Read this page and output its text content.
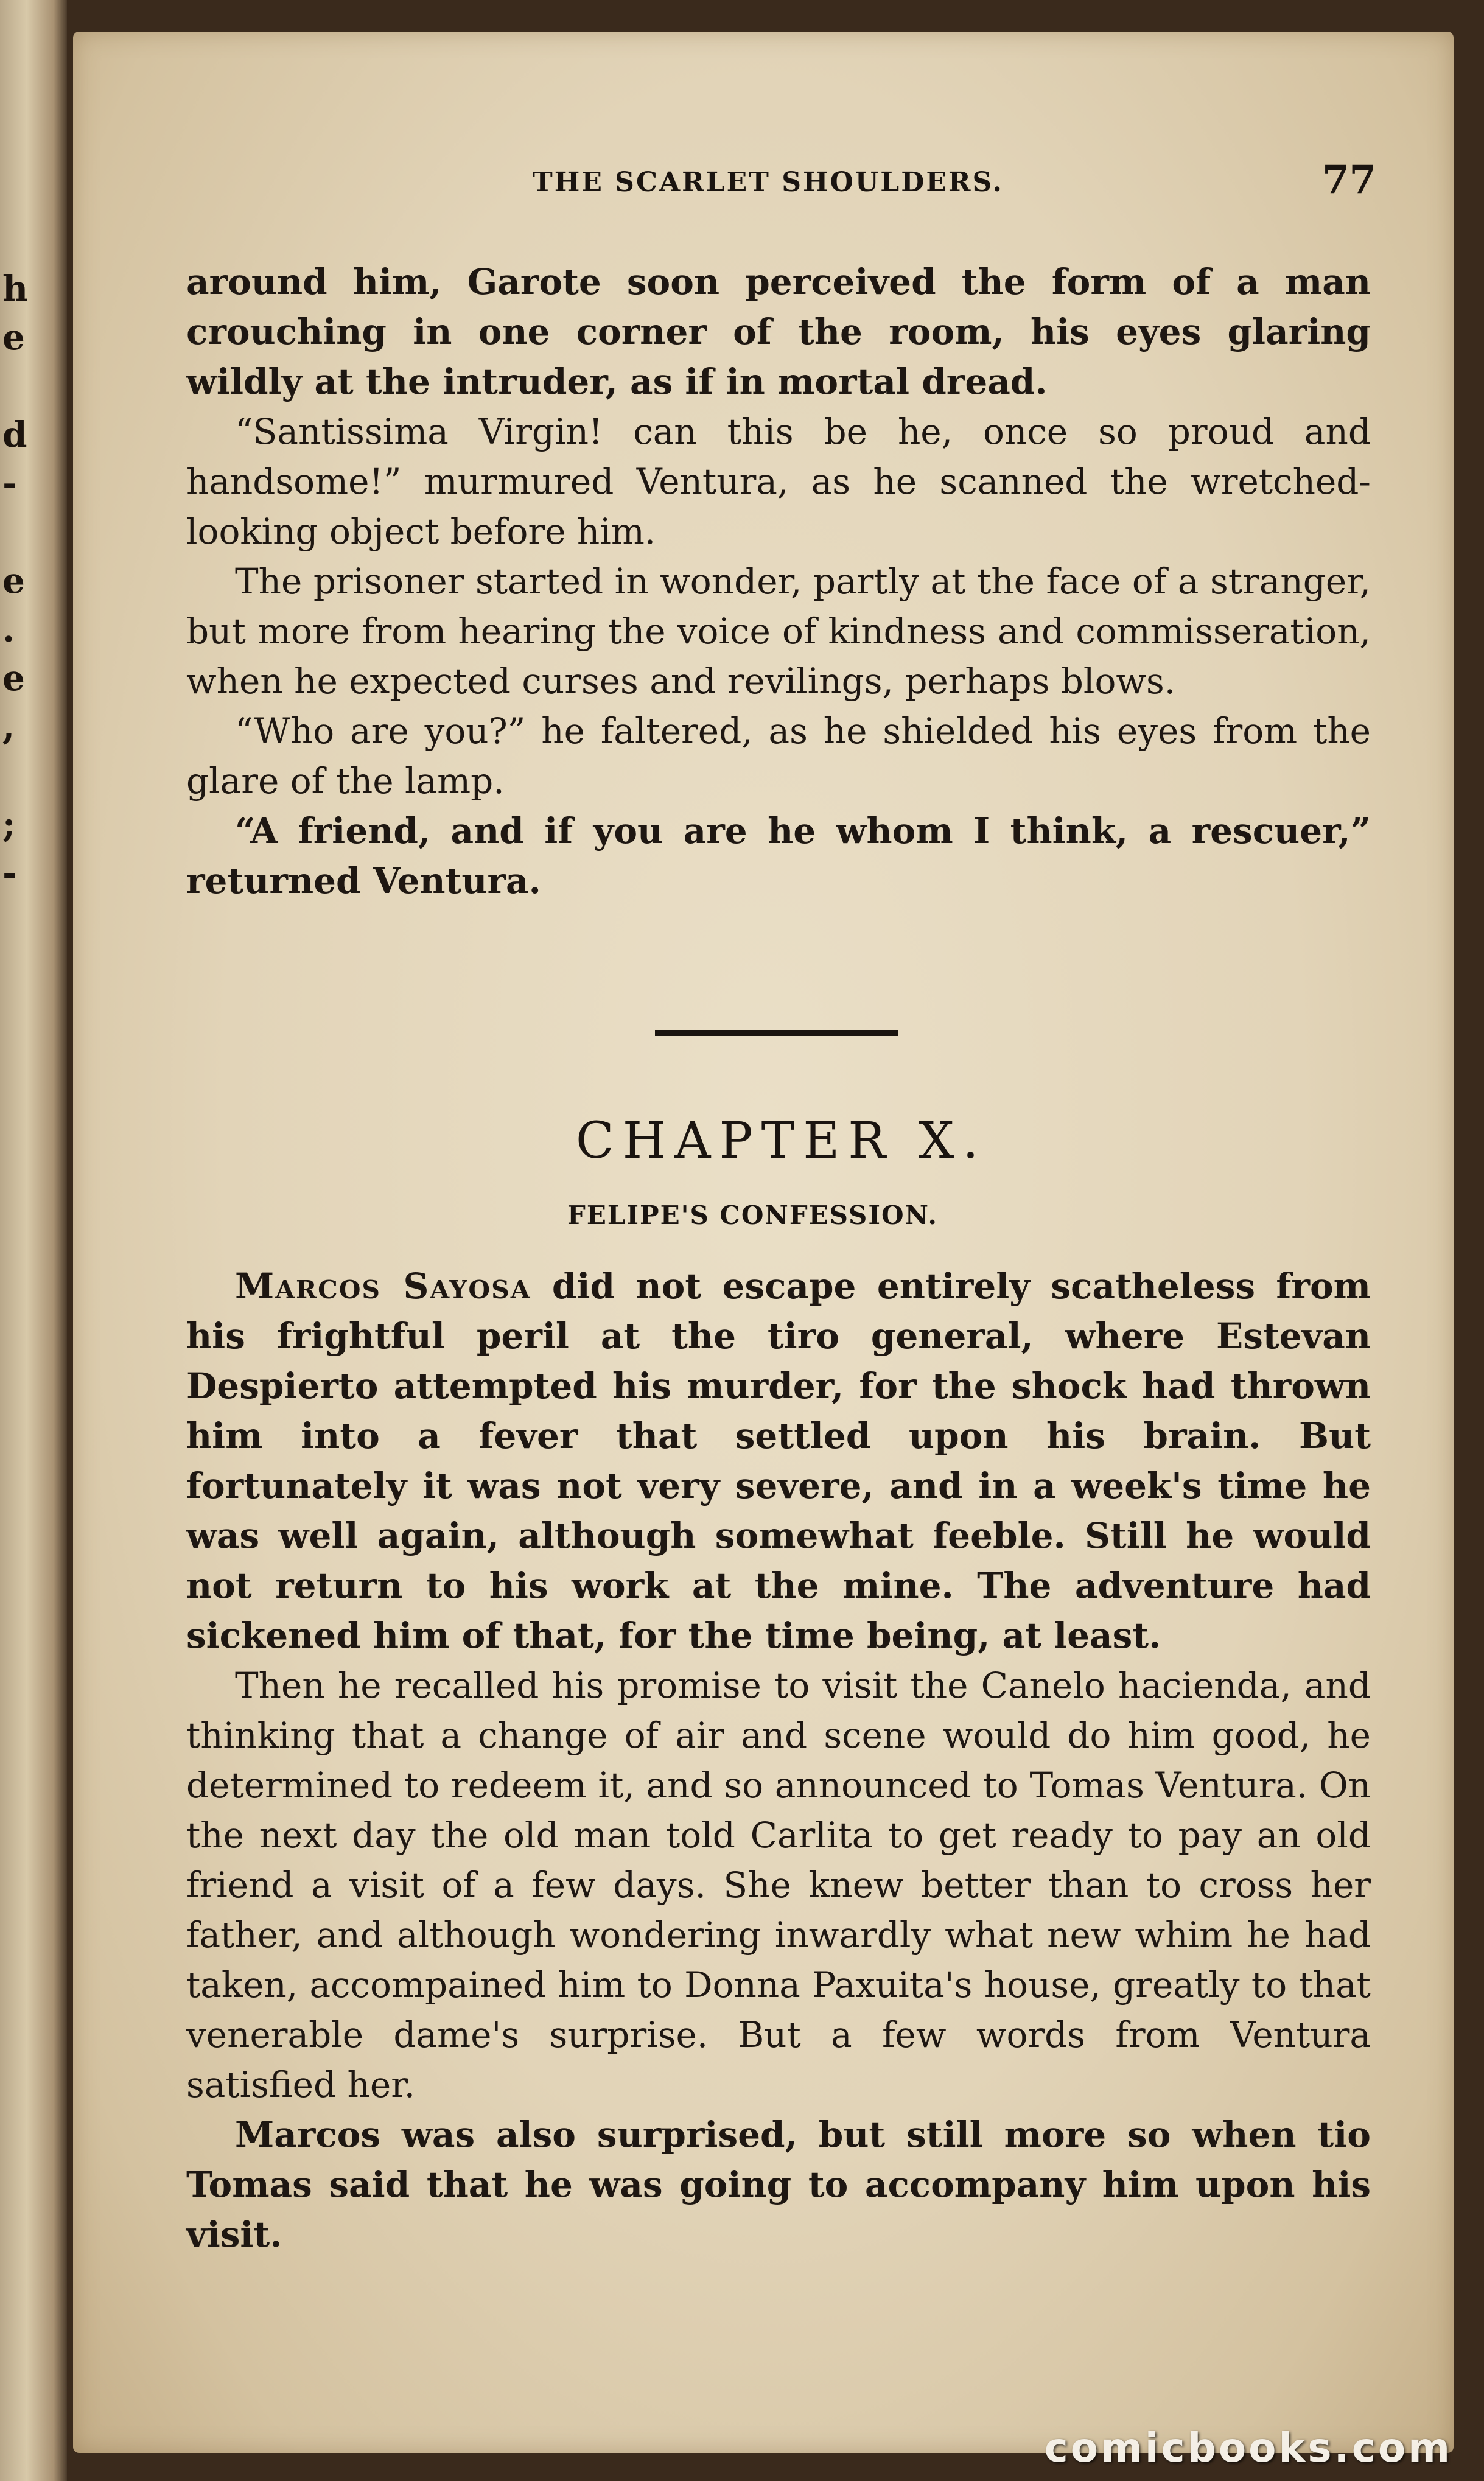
h
e
d
-
e
.
e
,
;
-
THE SCARLET SHOULDERS.	77

around him, Garote soon perceived the form of a man crouching in one corner of the room, his eyes glaring wildly at the intruder, as if in mortal dread.

“Santissima Virgin! can this be he, once so proud and handsome!” murmured Ventura, as he scanned the wretched-looking object before him.

The prisoner started in wonder, partly at the face of a stranger, but more from hearing the voice of kindness and commisseration, when he expected curses and revilings, perhaps blows.

“Who are you?” he faltered, as he shielded his eyes from the glare of the lamp.

“A friend, and if you are he whom I think, a rescuer,” returned Ventura.

CHAPTER X.
FELIPE'S CONFESSION.

Marcos Sayosa did not escape entirely scatheless from his frightful peril at the tiro general, where Estevan Despierto attempted his murder, for the shock had thrown him into a fever that settled upon his brain. But fortunately it was not very severe, and in a week's time he was well again, although somewhat feeble. Still he would not return to his work at the mine. The adventure had sickened him of that, for the time being, at least.

Then he recalled his promise to visit the Canelo hacienda, and thinking that a change of air and scene would do him good, he determined to redeem it, and so announced to Tomas Ventura. On the next day the old man told Carlita to get ready to pay an old friend a visit of a few days. She knew better than to cross her father, and although wondering inwardly what new whim he had taken, accompained him to Donna Paxuita's house, greatly to that venerable dame's surprise. But a few words from Ventura satisfied her.

Marcos was also surprised, but still more so when tio Tomas said that he was going to accompany him upon his visit.

comicbooks.com
